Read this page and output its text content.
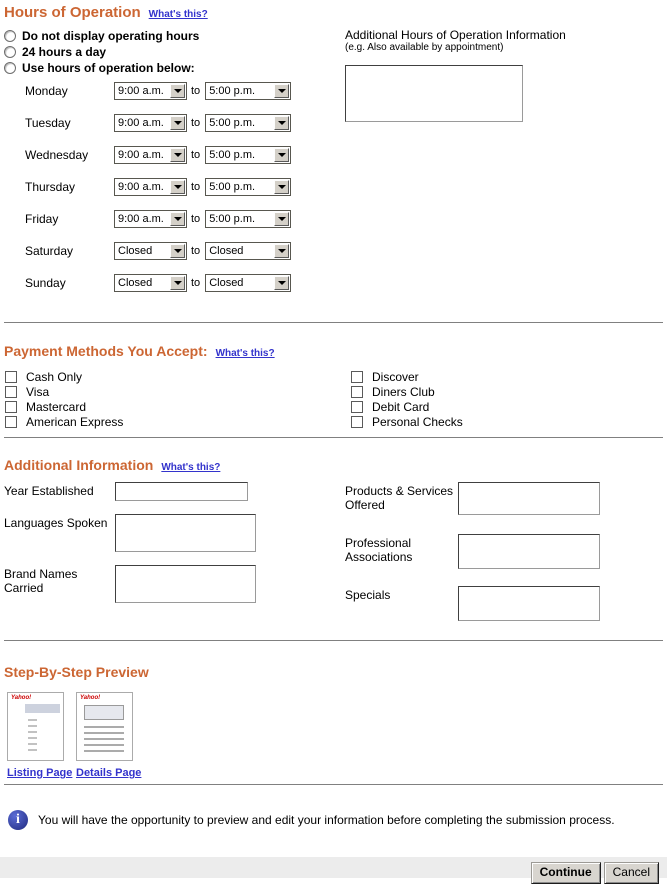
Hours of Operation What's this?
Do not display operating hours
24 hours a day
Use hours of operation below:
Monday	9:00 a.m.	to 5:00 p.m.
Tuesday	9:00 a.m.	to 5:00 p.m.
Wednesday	9:00 a.m.	to 5:00 p.m.
Thursday	9:00 a.m.	to 5:00 p.m.
Friday	9:00 a.m.	to 5:00 p.m.
Saturday	Closed	to Closed
Sunday	Closed	to Closed
Additional Hours of Operation Information
(e.g. Also available by appointment)
Payment Methods You Accept: What's this?
Cash Only
Visa
Mastercard
American Express
Discover
Diners Club
Debit Card
Personal Checks
Additional Information What's this?
Year Established
Languages Spoken
Brand Names Carried
Products & Services Offered
Professional Associations
Specials
Step-By-Step Preview
Yahoo!
Listing Page
Yahoo!
Details Page
i	You will have the opportunity to preview and edit your information before completing the submission process.
Continue	Cancel
